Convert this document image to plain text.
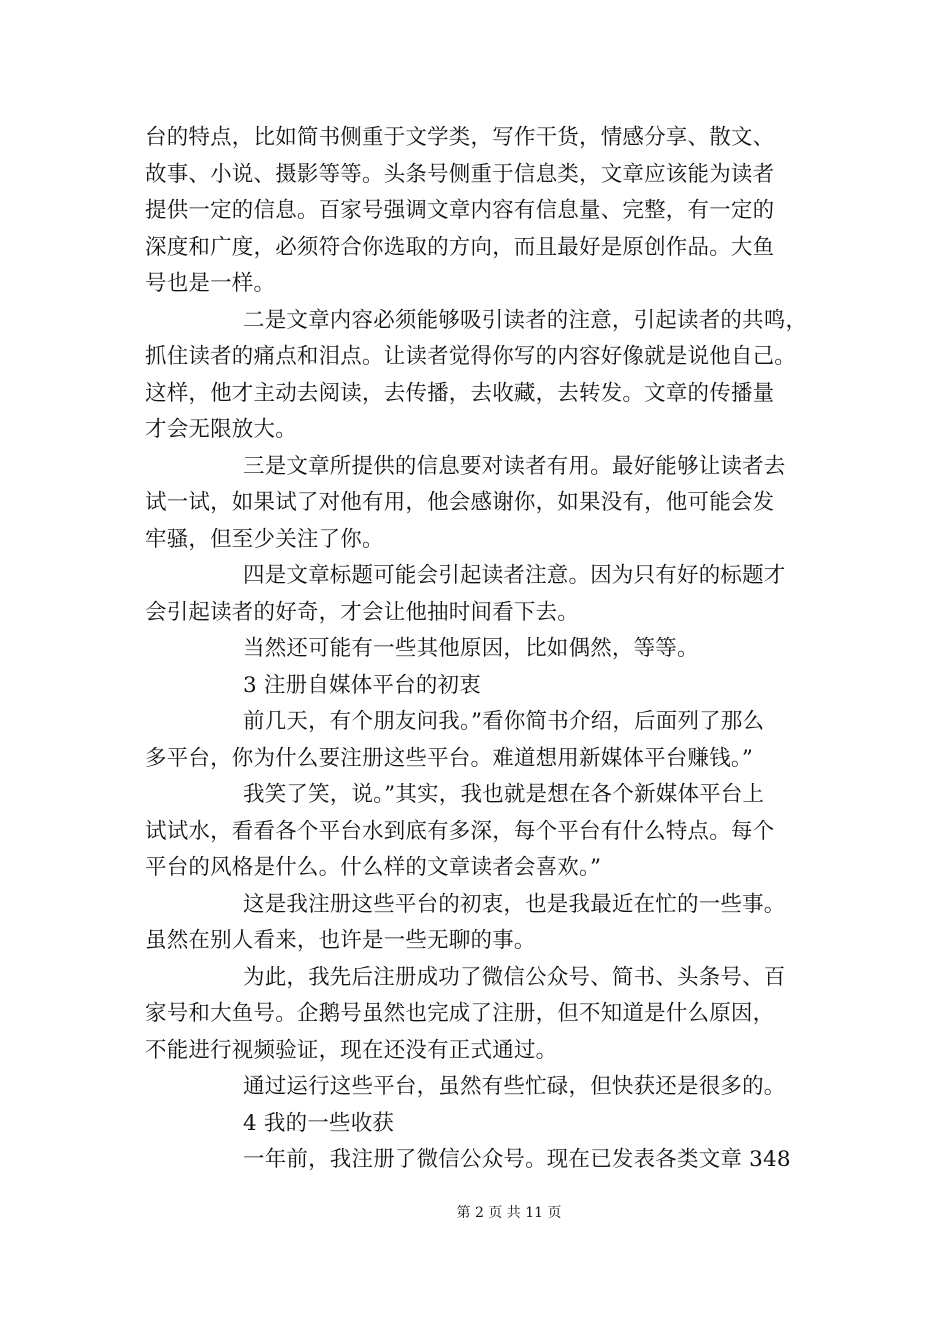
台的特点，比如简书侧重于文学类，写作干货，情感分享、散文、
故事、小说、摄影等等。头条号侧重于信息类，文章应该能为读者
提供一定的信息。百家号强调文章内容有信息量、完整，有一定的
深度和广度，必须符合你选取的方向，而且最好是原创作品。大鱼
号也是一样。
二是文章内容必须能够吸引读者的注意，引起读者的共鸣，
抓住读者的痛点和泪点。让读者觉得你写的内容好像就是说他自己。
这样，他才主动去阅读，去传播，去收藏，去转发。文章的传播量
才会无限放大。
三是文章所提供的信息要对读者有用。最好能够让读者去
试一试，如果试了对他有用，他会感谢你，如果没有，他可能会发
牢骚，但至少关注了你。
四是文章标题可能会引起读者注意。因为只有好的标题才
会引起读者的好奇，才会让他抽时间看下去。
当然还可能有一些其他原因，比如偶然，等等。
3 注册自媒体平台的初衷
前几天，有个朋友问我。”看你简书介绍，后面列了那么
多平台，你为什么要注册这些平台。难道想用新媒体平台赚钱。”
我笑了笑，说。”其实，我也就是想在各个新媒体平台上
试试水，看看各个平台水到底有多深，每个平台有什么特点。每个
平台的风格是什么。什么样的文章读者会喜欢。”
这是我注册这些平台的初衷，也是我最近在忙的一些事。
虽然在别人看来，也许是一些无聊的事。
为此，我先后注册成功了微信公众号、简书、头条号、百
家号和大鱼号。企鹅号虽然也完成了注册，但不知道是什么原因，
不能进行视频验证，现在还没有正式通过。
通过运行这些平台，虽然有些忙碌，但快获还是很多的。
4 我的一些收获
一年前，我注册了微信公众号。现在已发表各类文章 348
第 2 页 共 11 页
